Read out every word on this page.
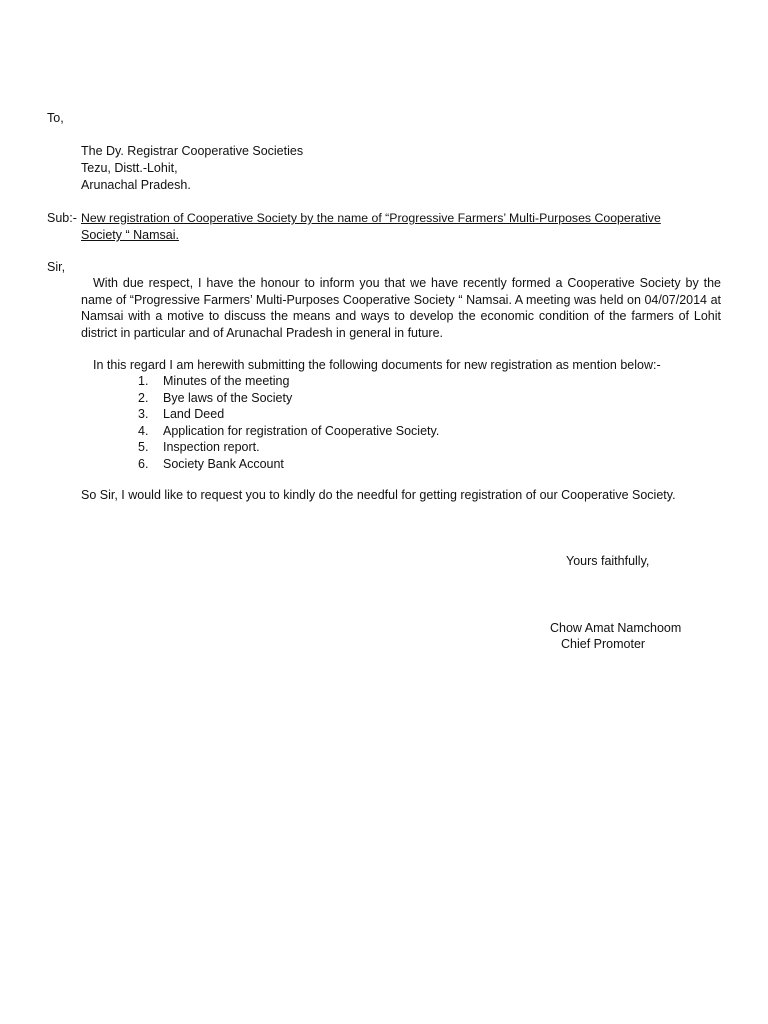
To,
The Dy. Registrar Cooperative Societies
Tezu, Distt.-Lohit,
Arunachal Pradesh.
Sub:- New registration of Cooperative Society by the name of “Progressive Farmers’ Multi-Purposes Cooperative
Society “ Namsai.
Sir,
With due respect, I have the honour to inform you that we have recently formed a Cooperative Society by the name of “Progressive Farmers’ Multi-Purposes Cooperative Society “ Namsai. A meeting was held on 04/07/2014 at Namsai with a motive to discuss the means and ways to develop the economic condition of the farmers of Lohit district in particular and of Arunachal Pradesh in general in future.
In this regard I am herewith submitting the following documents for new registration as mention below:-
1. Minutes of the meeting
2. Bye laws of the Society
3. Land Deed
4. Application for registration of Cooperative Society.
5. Inspection report.
6. Society Bank Account
So Sir, I would like to request you to kindly do the needful for getting registration of our Cooperative Society.
Yours faithfully,
Chow Amat Namchoom
Chief Promoter
